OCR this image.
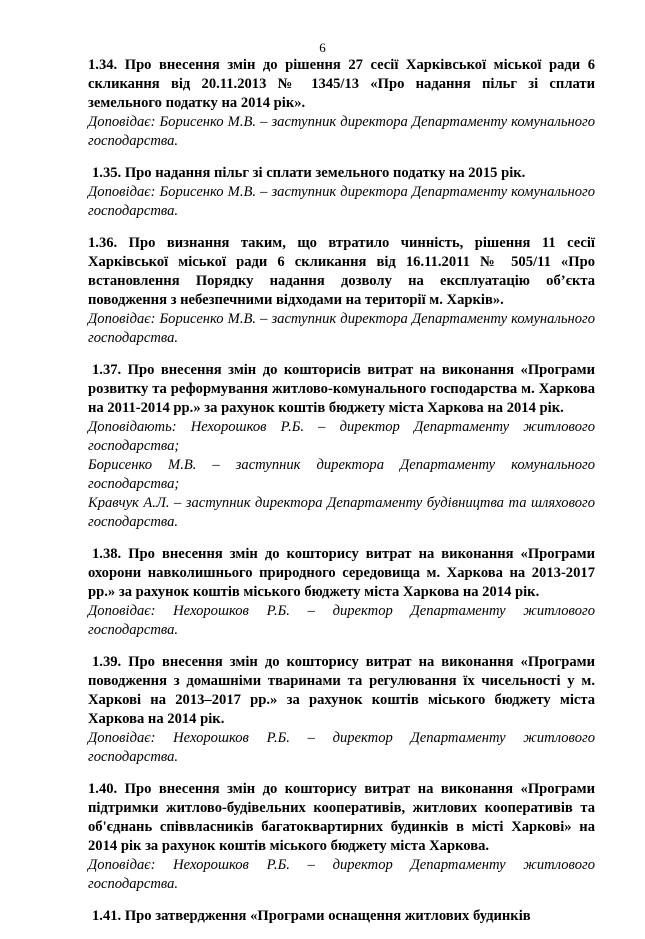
6

1.34. Про внесення змін до рішення 27 сесії Харківської міської ради 6 скликання від 20.11.2013 № 1345/13 «Про надання пільг зі сплати земельного податку на 2014 рік».

Доповідає: Борисенко М.В. – заступник директора Департаменту комунального господарства.

1.35. Про надання пільг зі сплати земельного податку на 2015 рік.

Доповідає: Борисенко М.В. – заступник директора Департаменту комунального господарства.

1.36. Про визнання таким, що втратило чинність, рішення 11 сесії Харківської міської ради 6 скликання від 16.11.2011 № 505/11 «Про встановлення Порядку надання дозволу на експлуатацію об’єкта поводження з небезпечними відходами на території м. Харків».

Доповідає: Борисенко М.В. – заступник директора Департаменту комунального господарства.

1.37. Про внесення змін до кошторисів витрат на виконання «Програми розвитку та реформування житлово-комунального господарства м. Харкова на 2011-2014 рр.» за рахунок коштів бюджету міста Харкова на 2014 рік.

Доповідають: Нехорошков Р.Б. – директор Департаменту житлового господарства;

Борисенко М.В. – заступник директора Департаменту комунального господарства;

Кравчук А.Л. – заступник директора Департаменту будівництва та шляхового господарства.

1.38. Про внесення змін до кошторису витрат на виконання «Програми охорони навколишнього природного середовища м. Харкова на 2013-2017 рр.» за рахунок коштів міського бюджету міста Харкова на 2014 рік.

Доповідає: Нехорошков Р.Б. – директор Департаменту житлового господарства.

1.39. Про внесення змін до кошторису витрат на виконання «Програми поводження з домашніми тваринами та регулювання їх чисельності у м. Харкові на 2013–2017 рр.» за рахунок коштів міського бюджету міста Харкова на 2014 рік.

Доповідає: Нехорошков Р.Б. – директор Департаменту житлового господарства.

1.40. Про внесення змін до кошторису витрат на виконання «Програми підтримки житлово-будівельних кооперативів, житлових кооперативів та об'єднань співвласників багатоквартирних будинків в місті Харкові» на 2014 рік за рахунок коштів міського бюджету міста Харкова.

Доповідає: Нехорошков Р.Б. – директор Департаменту житлового господарства.

1.41. Про затвердження «Програми оснащення житлових будинків
